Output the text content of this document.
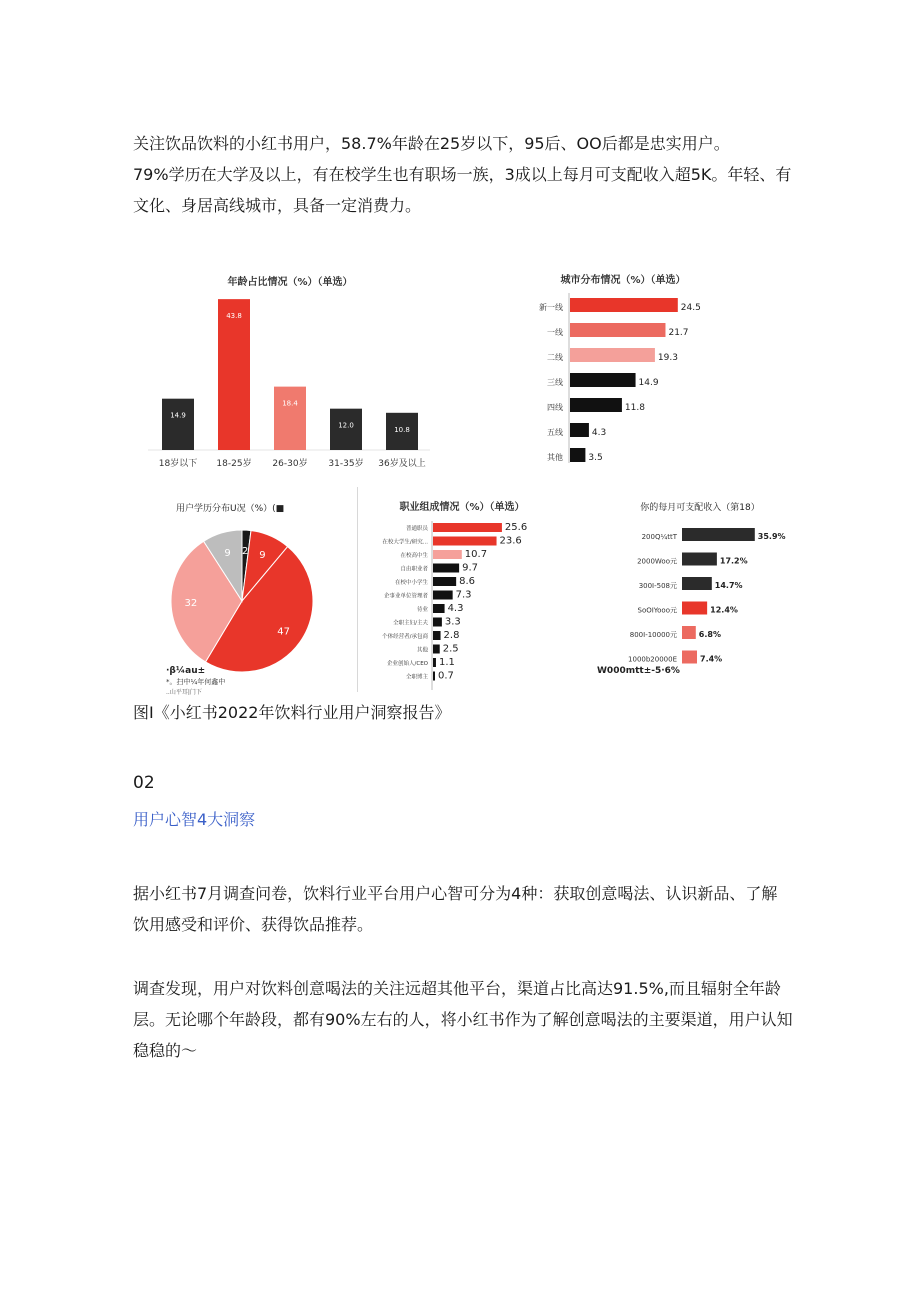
关注饮品饮料的小红书用户，58.7%年龄在25岁以下，95后、OO后都是忠实用户。

79%学历在大学及以上，有在校学生也有职场一族，3成以上每月可支配收入超5K。年轻、有文化、身居高线城市，具备一定消费力。

年龄占比情况（%）（单选）
14.9
18岁以下
43.8
18-25岁
18.4
26-30岁
12.0
31-35岁
10.8
36岁及以上
城市分布情况（%）（单选）
新一线	24.5
一线	21.7
二线	19.3
三线	14.9
四线	11.8
五线	4.3
其他	3.5
用户学历分布U况（%）(■
2 9
47
32
9
·β¼au±
*。扫中¼年何鑫中
..山平耳|门下
职业组成情况（%）（单选）
普通职员	25.6
在校大学生/研究...	23.6
在校高中生	10.7
自由职业者	9.7
在校中小学生	8.6
企事业单位管理者	7.3
待业 4.3
全职主妇/主夫 3.3
个体经营者/承包商 2.8
其他 2.5
企业创始人/CEO 1.1
全职博主 0.7
你的每月可支配收入（第18）
200Q¼ttT	35.9%
2000Woo元	17.2%
300I-508元	14.7%
SoOIYooo元	12.4%
800I-10000元	6.8%
1000b20000E	7.4%
W000mtt±-5·6%

图I《小红书2022年饮料行业用户洞察报告》

02

用户心智4大洞察

据小红书7月调查问卷，饮料行业平台用户心智可分为4种：获取创意喝法、认识新品、了解饮用感受和评价、获得饮品推荐。

调查发现，用户对饮料创意喝法的关注远超其他平台，渠道占比高达91.5%,而且辐射全年龄层。无论哪个年龄段，都有90%左右的人，将小红书作为了解创意喝法的主要渠道，用户认知稳稳的〜
